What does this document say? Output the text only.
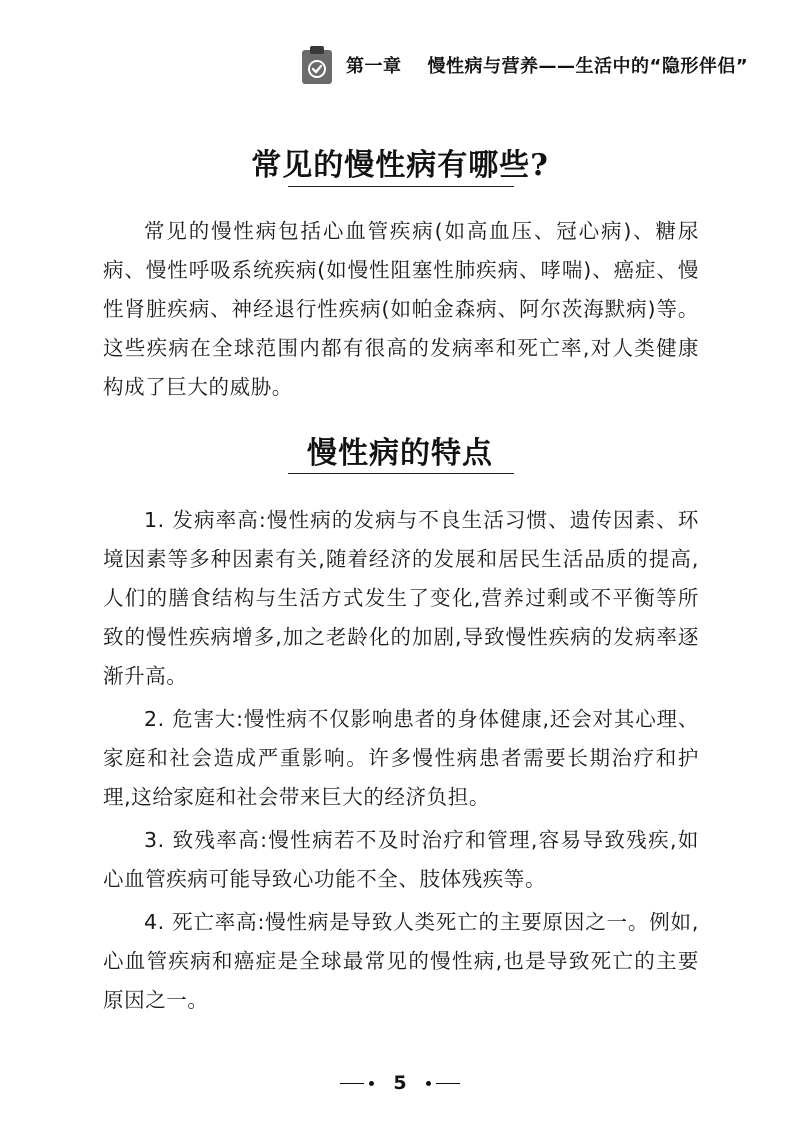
第一章 慢性病与营养——生活中的“隐形伴侣”
常见的慢性病有哪些?

常见的慢性病包括心血管疾病(如高血压、冠心病)、糖尿病、慢性呼吸系统疾病(如慢性阻塞性肺疾病、哮喘)、癌症、慢性肾脏疾病、神经退行性疾病(如帕金森病、阿尔茨海默病)等。这些疾病在全球范围内都有很高的发病率和死亡率,对人类健康构成了巨大的威胁。

慢性病的特点

1. 发病率高:慢性病的发病与不良生活习惯、遗传因素、环境因素等多种因素有关,随着经济的发展和居民生活品质的提高,人们的膳食结构与生活方式发生了变化,营养过剩或不平衡等所致的慢性疾病增多,加之老龄化的加剧,导致慢性疾病的发病率逐渐升高。

2. 危害大:慢性病不仅影响患者的身体健康,还会对其心理、家庭和社会造成严重影响。许多慢性病患者需要长期治疗和护理,这给家庭和社会带来巨大的经济负担。

3. 致残率高:慢性病若不及时治疗和管理,容易导致残疾,如心血管疾病可能导致心功能不全、肢体残疾等。

4. 死亡率高:慢性病是导致人类死亡的主要原因之一。例如,心血管疾病和癌症是全球最常见的慢性病,也是导致死亡的主要原因之一。

5
